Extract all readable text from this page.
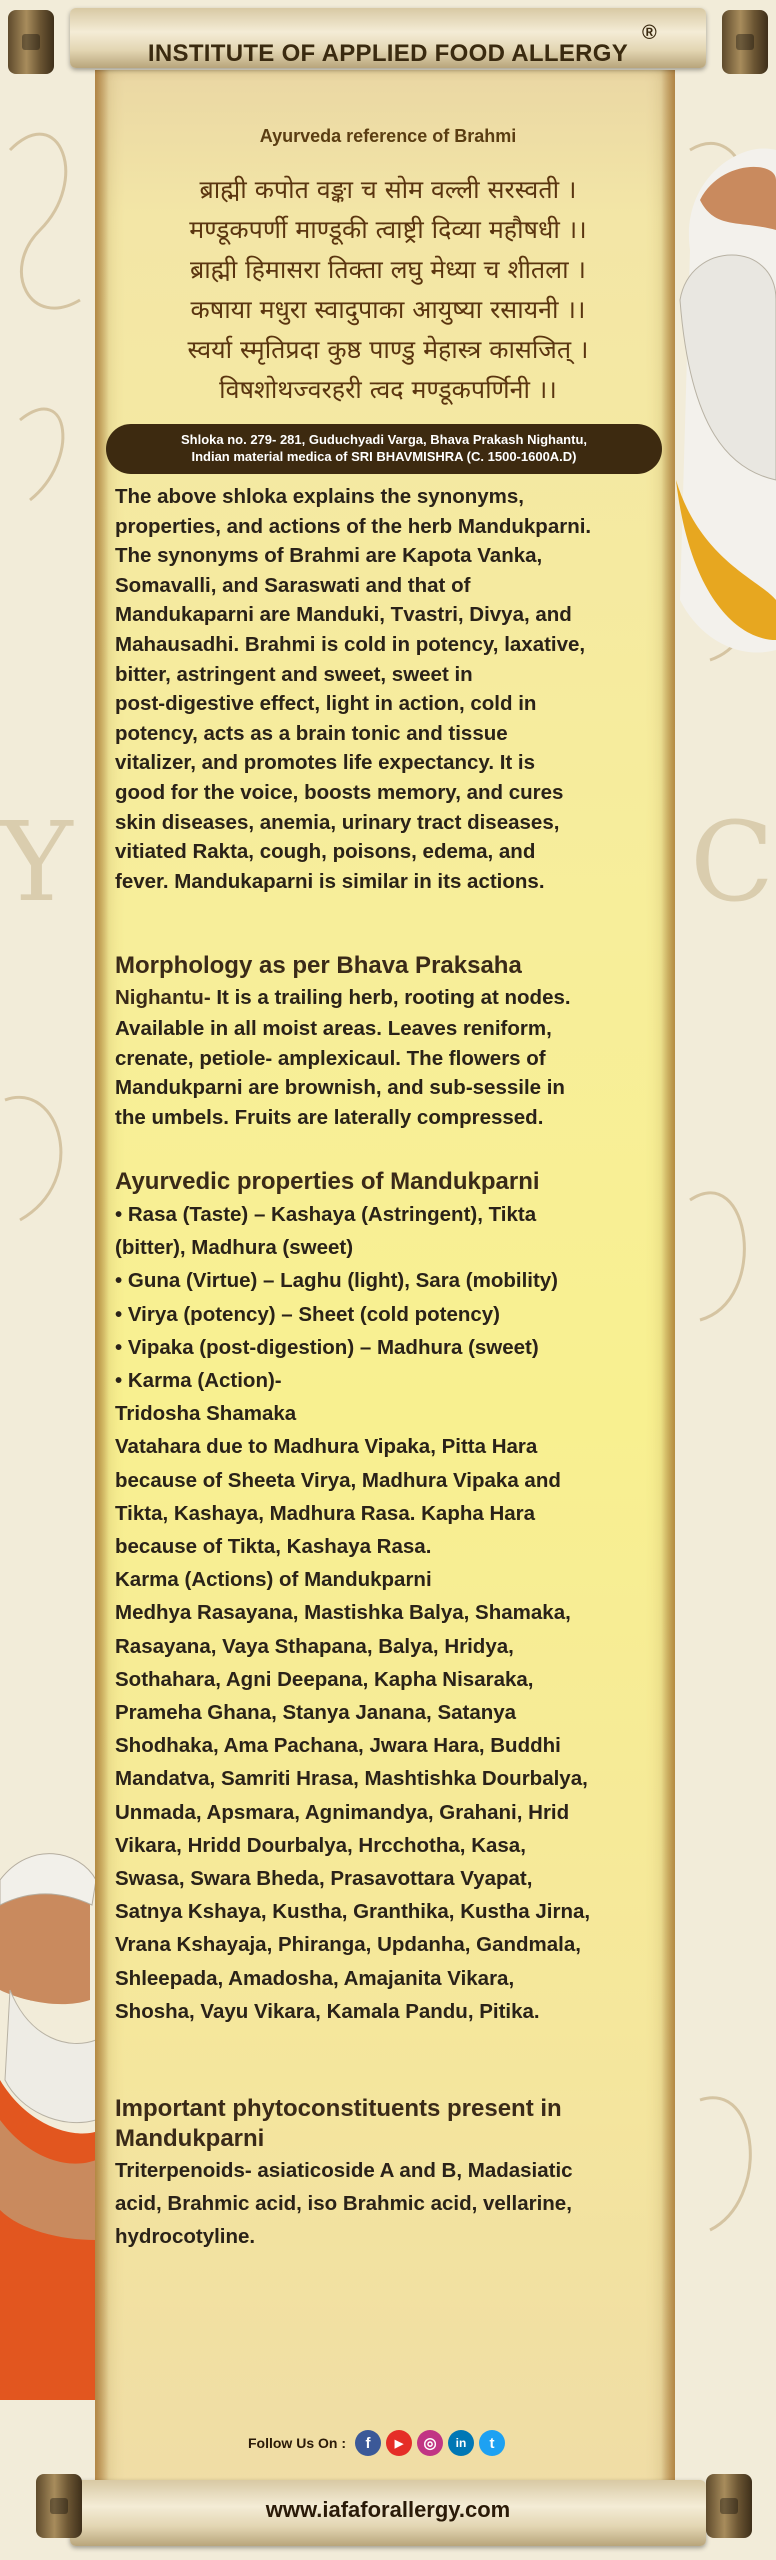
Y	C
INSTITUTE OF APPLIED FOOD ALLERGY
®
Ayurveda reference of Brahmi
ब्राह्मी कपोत वङ्का च सोम वल्ली सरस्वती ।
मण्डूकपर्णी माण्डूकी त्वाष्ट्री दिव्या महौषधी ।।
ब्राह्मी हिमासरा तिक्ता लघु मेध्या च शीतला ।
कषाया मधुरा स्वादुपाका आयुष्या रसायनी ।।
स्वर्या स्मृतिप्रदा कुष्ठ पाण्डु मेहास्त्र कासजित् ।
विषशोथज्वरहरी त्वद मण्डूकपर्णिनी ।।
Shloka no. 279- 281, Guduchyadi Varga, Bhava Prakash Nighantu,
Indian material medica of SRI BHAVMISHRA (C. 1500-1600A.D)
The above shloka explains the synonyms,
properties, and actions of the herb Mandukparni.
The synonyms of Brahmi are Kapota Vanka,
Somavalli, and Saraswati and that of
Mandukaparni are Manduki, Tvastri, Divya, and
Mahausadhi. Brahmi is cold in potency, laxative,
bitter, astringent and sweet, sweet in
post-digestive effect, light in action, cold in
potency, acts as a brain tonic and tissue
vitalizer, and promotes life expectancy. It is
good for the voice, boosts memory, and cures
skin diseases, anemia, urinary tract diseases,
vitiated Rakta, cough, poisons, edema, and
fever. Mandukaparni is similar in its actions.
Morphology as per Bhava Praksaha
Nighantu- It is a trailing herb, rooting at nodes.
Available in all moist areas. Leaves reniform,
crenate, petiole- amplexicaul. The flowers of
Mandukparni are brownish, and sub-sessile in
the umbels. Fruits are laterally compressed.
Ayurvedic properties of Mandukparni
• Rasa (Taste) – Kashaya (Astringent), Tikta
(bitter), Madhura (sweet)
• Guna (Virtue) – Laghu (light), Sara (mobility)
• Virya (potency) – Sheet (cold potency)
• Vipaka (post-digestion) – Madhura (sweet)
• Karma (Action)-
Tridosha Shamaka
Vatahara due to Madhura Vipaka, Pitta Hara
because of Sheeta Virya, Madhura Vipaka and
Tikta, Kashaya, Madhura Rasa. Kapha Hara
because of Tikta, Kashaya Rasa.
Karma (Actions) of Mandukparni
Medhya Rasayana, Mastishka Balya, Shamaka,
Rasayana, Vaya Sthapana, Balya, Hridya,
Sothahara, Agni Deepana, Kapha Nisaraka,
Prameha Ghana, Stanya Janana, Satanya
Shodhaka, Ama Pachana, Jwara Hara, Buddhi
Mandatva, Samriti Hrasa, Mashtishka Dourbalya,
Unmada, Apsmara, Agnimandya, Grahani, Hrid
Vikara, Hridd Dourbalya, Hrcchotha, Kasa,
Swasa, Swara Bheda, Prasavottara Vyapat,
Satnya Kshaya, Kustha, Granthika, Kustha Jirna,
Vrana Kshayaja, Phiranga, Updanha, Gandmala,
Shleepada, Amadosha, Amajanita Vikara,
Shosha, Vayu Vikara, Kamala Pandu, Pitika.
Important phytoconstituents present in
Mandukparni
Triterpenoids- asiaticoside A and B, Madasiatic
acid, Brahmic acid, iso Brahmic acid, vellarine,
hydrocotyline.
Follow Us On :	f	▶	◎	in	t
www.iafaforallergy.com
